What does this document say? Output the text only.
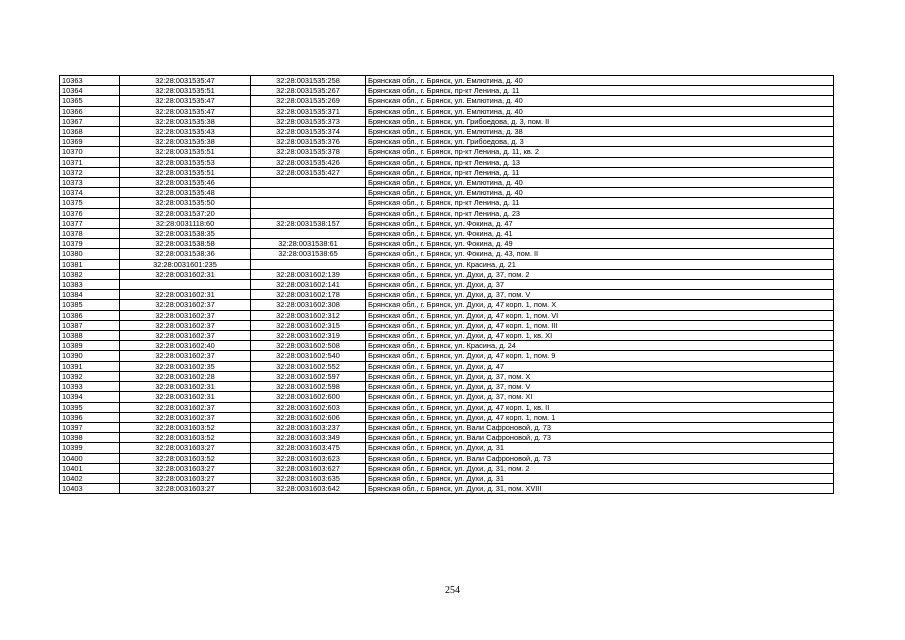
10363	32:28:0031535:47	32:28:0031535:258	Брянская обл., г. Брянск, ул. Емлютина, д. 40
10364	32:28:0031535:51	32:28:0031535:267	Брянская обл., г. Брянск, пр-кт Ленина, д. 11
10365	32:28:0031535:47	32:28:0031535:269	Брянская обл., г. Брянск, ул. Емлютина, д. 40
10366	32:28:0031535:47	32:28:0031535:371	Брянская обл., г. Брянск, ул. Емлютина, д. 40
10367	32:28:0031535:38	32:28:0031535:373	Брянская обл., г. Брянск, ул. Грибоедова, д. 3, пом. II
10368	32:28:0031535:43	32:28:0031535:374	Брянская обл., г. Брянск, ул. Емлютина, д. 38
10369	32:28:0031535:38	32:28:0031535:376	Брянская обл., г. Брянск, ул. Грибоедова, д. 3
10370	32:28:0031535:51	32:28:0031535:378	Брянская обл., г. Брянск, пр-кт Ленина, д. 11, кв. 2
10371	32:28:0031535:53	32:28:0031535:426	Брянская обл., г. Брянск, пр-кт Ленина, д. 13
10372	32:28:0031535:51	32:28:0031535:427	Брянская обл., г. Брянск, пр-кт Ленина, д. 11
10373	32:28:0031535:46		Брянская обл., г. Брянск, ул. Емлютина, д. 40
10374	32:28:0031535:48		Брянская обл., г. Брянск, ул. Емлютина, д. 40
10375	32:28:0031535:50		Брянская обл., г. Брянск, пр-кт Ленина, д. 11
10376	32:28:0031537:20		Брянская обл., г. Брянск, пр-кт Ленина, д. 23
10377	32:28:0031118:60	32:28:0031538:157	Брянская обл., г. Брянск, ул. Фокина, д. 47
10378	32:28:0031538:35		Брянская обл., г. Брянск, ул. Фокина, д. 41
10379	32:28:0031538:58	32:28:0031538:61	Брянская обл., г. Брянск, ул. Фокина, д. 49
10380	32:28:0031538:36	32:28:0031538:65	Брянская обл., г. Брянск, ул. Фокина, д. 43, пом. II
10381	32:28:0031601:235		Брянская обл., г. Брянск, ул. Красина, д. 21
10382	32:28:0031602:31	32:28:0031602:139	Брянская обл., г. Брянск, ул. Духи, д. 37, пом. 2
10383		32:28:0031602:141	Брянская обл., г. Брянск, ул. Духи, д. 37
10384	32:28:0031602:31	32:28:0031602:178	Брянская обл., г. Брянск, ул. Духи, д. 37, пом. V
10385	32:28:0031602:37	32:28:0031602:308	Брянская обл., г. Брянск, ул. Духи, д. 47 корп. 1, пом. X
10386	32:28:0031602:37	32:28:0031602:312	Брянская обл., г. Брянск, ул. Духи, д. 47 корп. 1, пом. VI
10387	32:28:0031602:37	32:28:0031602:315	Брянская обл., г. Брянск, ул. Духи, д. 47 корп. 1, пом. III
10388	32:28:0031602:37	32:28:0031602:319	Брянская обл., г. Брянск, ул. Духи, д. 47 корп. 1, кв. XI
10389	32:28:0031602:40	32:28:0031602:508	Брянская обл., г. Брянск, ул. Красина, д. 24
10390	32:28:0031602:37	32:28:0031602:540	Брянская обл., г. Брянск, ул. Духи, д. 47 корп. 1, пом. 9
10391	32:28:0031602:35	32:28:0031602:552	Брянская обл., г. Брянск, ул. Духи, д. 47
10392	32:28:0031602:28	32:28:0031602:597	Брянская обл., г. Брянск, ул. Духи, д. 37, пом. X
10393	32:28:0031602:31	32:28:0031602:598	Брянская обл., г. Брянск, ул. Духи, д. 37, пом. V
10394	32:28:0031602:31	32:28:0031602:600	Брянская обл., г. Брянск, ул. Духи, д. 37, пом. XI
10395	32:28:0031602:37	32:28:0031602:603	Брянская обл., г. Брянск, ул. Духи, д. 47 корп. 1, кв. II
10396	32:28:0031602:37	32:28:0031602:606	Брянская обл., г. Брянск, ул. Духи, д. 47 корп. 1, пом. 1
10397	32:28:0031603:52	32:28:0031603:237	Брянская обл., г. Брянск, ул. Вали Сафроновой, д. 73
10398	32:28:0031603:52	32:28:0031603:349	Брянская обл., г. Брянск, ул. Вали Сафроновой, д. 73
10399	32:28:0031603:27	32:28:0031603:475	Брянская обл., г. Брянск, ул. Духи, д. 31
10400	32:28:0031603:52	32:28:0031603:623	Брянская обл., г. Брянск, ул. Вали Сафроновой, д. 73
10401	32:28:0031603:27	32:28:0031603:627	Брянская обл., г. Брянск, ул. Духи, д. 31, пом. 2
10402	32:28:0031603:27	32:28:0031603:635	Брянская обл., г. Брянск, ул. Духи, д. 31
10403	32:28:0031603:27	32:28:0031603:642	Брянская обл., г. Брянск, ул. Духи, д. 31, пом. XVIII
254
